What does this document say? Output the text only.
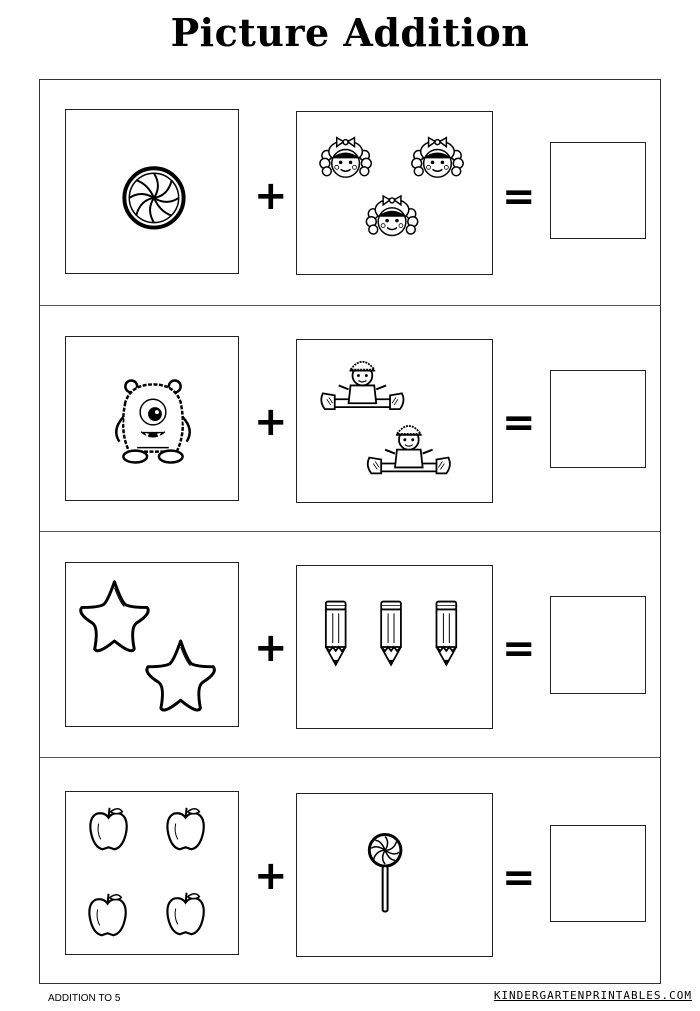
Picture Addition
+	=
+	=
+	=
+	=
ADDITION TO 5	KINDERGARTENPRINTABLES.COM
